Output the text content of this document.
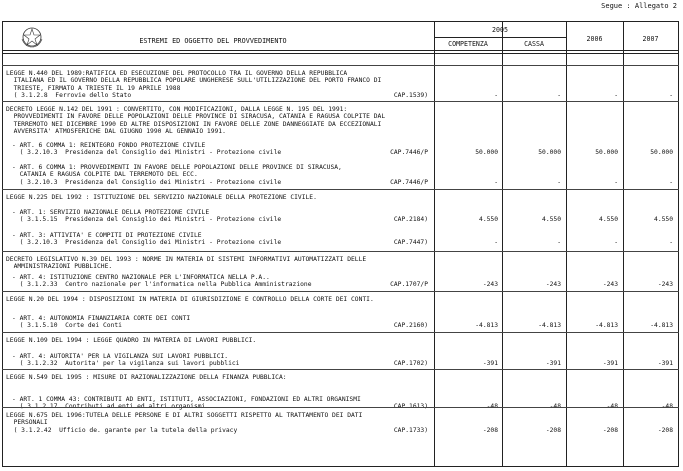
Segue : Allegato 2
ESTREMI ED OGGETTO DEL PROVVEDIMENTO
2005
COMPETENZA	CASSA
2006	2007
LEGGE N.440 DEL 1989:RATIFICA ED ESECUZIONE DEL PROTOCOLLO TRA IL GOVERNO DELLA REPUBBLICA
ITALIANA ED IL GOVERNO DELLA REPUBBLICA POPOLARE UNGHERESE SULL'UTILIZZAZIONE DEL PORTO FRANCO DI
TRIESTE, FIRMATO A TRIESTE IL 19 APRILE 1988
( 3.1.2.8  Ferrovie dello Stato	CAP.1539)	-	-	-	-
DECRETO LEGGE N.142 DEL 1991 : CONVERTITO, CON MODIFICAZIONI, DALLA LEGGE N. 195 DEL 1991:
PROVVEDIMENTI IN FAVORE DELLE POPOLAZIONI DELLE PROVINCE DI SIRACUSA, CATANIA E RAGUSA COLPITE DAL
TERREMOTO NEI DICEMBRE 1990 ED ALTRE DISPOSIZIONI IN FAVORE DELLE ZONE DANNEGGIATE DA ECCEZIONALI
AVVERSITA' ATMOSFERICHE DAL GIUGNO 1990 AL GENNAIO 1991.
- ART. 6 COMMA 1: REINTEGRO FONDO PROTEZIONE CIVILE
( 3.2.10.3  Presidenza del Consiglio dei Ministri - Protezione civile	CAP.7446/P	50.000	50.000	50.000	50.000
- ART. 6 COMMA 1: PROVVEDIMENTI IN FAVORE DELLE POPOLAZIONI DELLE PROVINCE DI SIRACUSA,
CATANIA E RAGUSA COLPITE DAL TERREMOTO DEL ECC.
( 3.2.10.3  Presidenza del Consiglio dei Ministri - Protezione civile	CAP.7446/P	-	-	-	-
LEGGE N.225 DEL 1992 : ISTITUZIONE DEL SERVIZIO NAZIONALE DELLA PROTEZIONE CIVILE.
- ART. 1: SERVIZIO NAZIONALE DELLA PROTEZIONE CIVILE
( 3.1.5.15  Presidenza del Consiglio dei Ministri - Protezione civile	CAP.2184)	4.550	4.550	4.550	4.550
- ART. 3: ATTIVITA' E COMPITI DI PROTEZIONE CIVILE
( 3.2.10.3  Presidenza del Consiglio dei Ministri - Protezione civile	CAP.7447)	-	-	-	-
DECRETO LEGISLATIVO N.39 DEL 1993 : NORME IN MATERIA DI SISTEMI INFORMATIVI AUTOMATIZZATI DELLE
AMMINISTRAZIONI PUBBLICHE.
- ART. 4: ISTITUZIONE CENTRO NAZIONALE PER L'INFORMATICA NELLA P.A..
( 3.1.2.33  Centro nazionale per l'informatica nella Pubblica Amministrazione	CAP.1707/P	-243	-243	-243	-243
LEGGE N.20 DEL 1994 : DISPOSIZIONI IN MATERIA DI GIURISDIZIONE E CONTROLLO DELLA CORTE DEI CONTI.
- ART. 4: AUTONOMIA FINANZIARIA CORTE DEI CONTI
( 3.1.5.10  Corte dei Conti	CAP.2160)	-4.813	-4.813	-4.813	-4.813
LEGGE N.109 DEL 1994 : LEGGE QUADRO IN MATERIA DI LAVORI PUBBLICI.
- ART. 4: AUTORITA' PER LA VIGILANZA SUI LAVORI PUBBLICI.
( 3.1.2.32  Autorita' per la vigilanza sui lavori pubblici	CAP.1702)	-391	-391	-391	-391
LEGGE N.549 DEL 1995 : MISURE DI RAZIONALIZZAZIONE DELLA FINANZA PUBBLICA:
- ART. 1 COMMA 43: CONTRIBUTI AD ENTI, ISTITUTI, ASSOCIAZIONI, FONDAZIONI ED ALTRI ORGANISMI
( 3.1.2.17  Contributi ad enti ed altri organismi	CAP.1613)	-48	-48	-48	-48
LEGGE N.675 DEL 1996:TUTELA DELLE PERSONE E DI ALTRI SOGGETTI RISPETTO AL TRATTAMENTO DEI DATI
PERSONALI
( 3.1.2.42  Ufficio de. garante per la tutela della privacy	CAP.1733)	-208	-208	-208	-208
